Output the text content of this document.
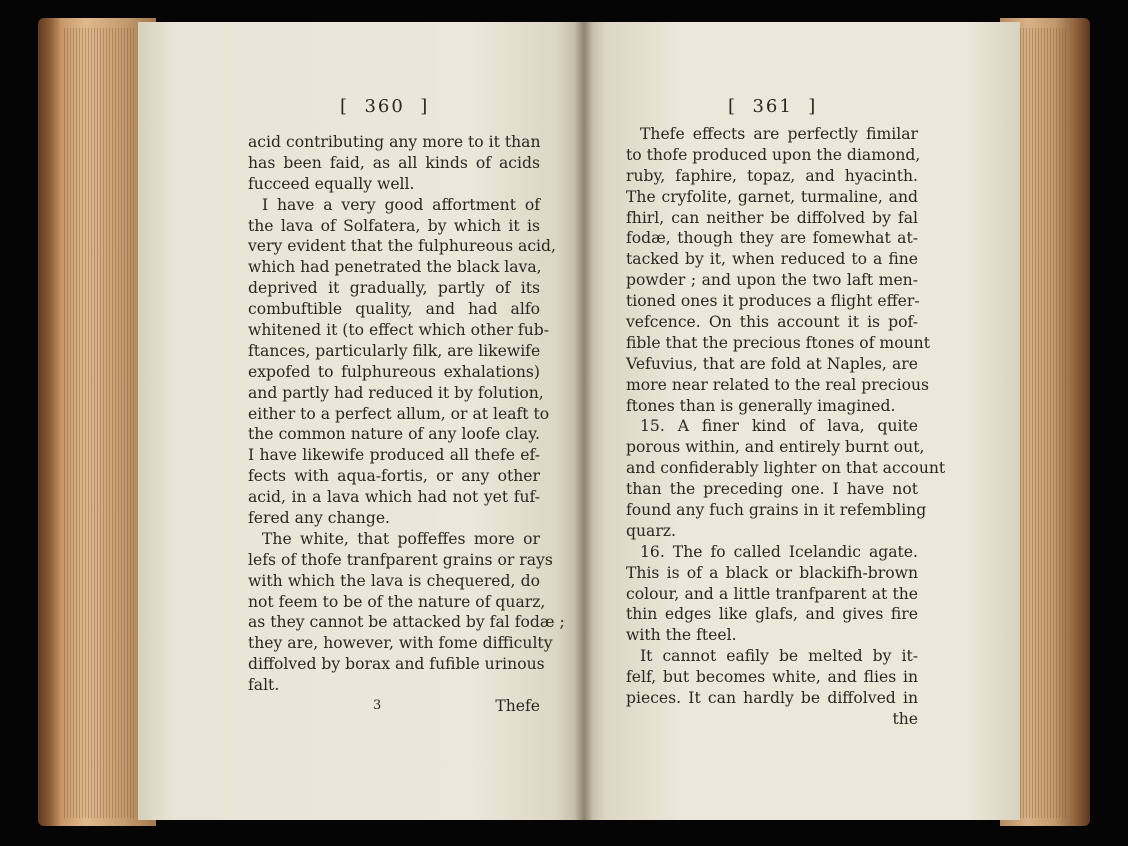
[  360  ]
acid contributing any more to it than
has been faid, as all kinds of acids
fucceed equally well.
I have a very good affortment of
the lava of Solfatera, by which it is
very evident that the fulphureous acid,
which had penetrated the black lava,
deprived it gradually, partly of its
combuftible quality, and had alfo
whitened it (to effect which other fub-
ftances, particularly filk, are likewife
expofed to fulphureous exhalations)
and partly had reduced it by folution,
either to a perfect allum, or at leaft to
the common nature of any loofe clay.
I have likewife produced all thefe ef-
fects with aqua-fortis, or any other
acid, in a lava which had not yet fuf-
fered any change.
The white, that poffeffes more or
lefs of thofe tranfparent grains or rays
with which the lava is chequered, do
not feem to be of the nature of quarz,
as they cannot be attacked by fal fodæ ;
they are, however, with fome difficulty
diffolved by borax and fufible urinous
falt.
3	Thefe
[  361  ]
Thefe effects are perfectly fimilar
to thofe produced upon the diamond,
ruby, faphire, topaz, and hyacinth.
The cryfolite, garnet, turmaline, and
fhirl, can neither be diffolved by fal
fodæ, though they are fomewhat at-
tacked by it, when reduced to a fine
powder ; and upon the two laft men-
tioned ones it produces a flight effer-
vefcence. On this account it is pof-
fible that the precious ftones of mount
Vefuvius, that are fold at Naples, are
more near related to the real precious
ftones than is generally imagined.
15. A finer kind of lava, quite
porous within, and entirely burnt out,
and confiderably lighter on that account
than the preceding one. I have not
found any fuch grains in it refembling
quarz.
16. The fo called Icelandic agate.
This is of a black or blackifh-brown
colour, and a little tranfparent at the
thin edges like glafs, and gives fire
with the fteel.
It cannot eafily be melted by it-
felf, but becomes white, and flies in
pieces. It can hardly be diffolved in
the
